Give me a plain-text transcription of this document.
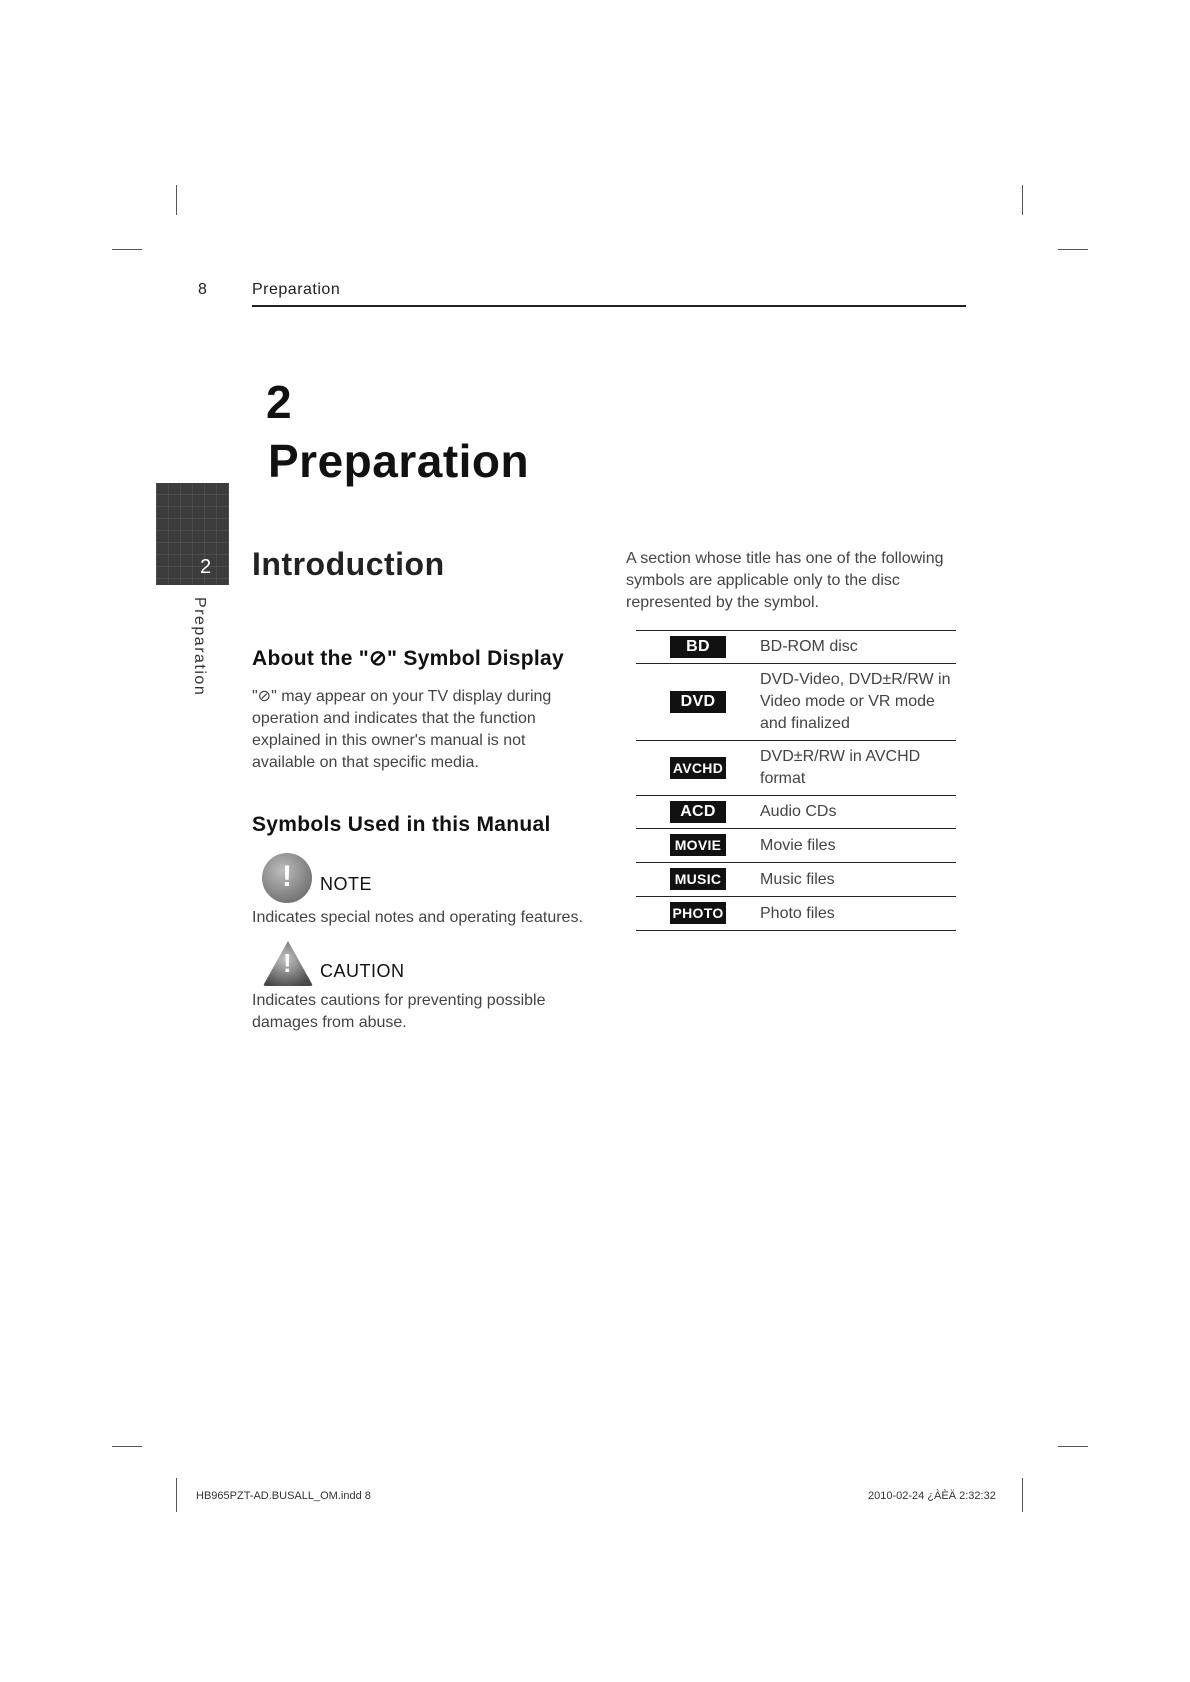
8	Preparation
2
Preparation
2
Preparation
Introduction
About the "⊘" Symbol Display
"⊘" may appear on your TV display during
operation and indicates that the function
explained in this owner's manual is not
available on that specific media.
Symbols Used in this Manual
! NOTE
Indicates special notes and operating features.
! CAUTION
Indicates cautions for preventing possible
damages from abuse.
A section whose title has one of the following
symbols are applicable only to the disc
represented by the symbol.
BD	BD-ROM disc

DVD	DVD-Video, DVD±R/RW in
Video mode or VR mode
and finalized

AVCHD	DVD±R/RW in AVCHD
format

ACD	Audio CDs

MOVIE	Movie files

MUSIC	Music files

PHOTO	Photo files
HB965PZT-AD.BUSALL_OM.indd 8	2010-02-24 ¿ÀÈÄ 2:32:32
